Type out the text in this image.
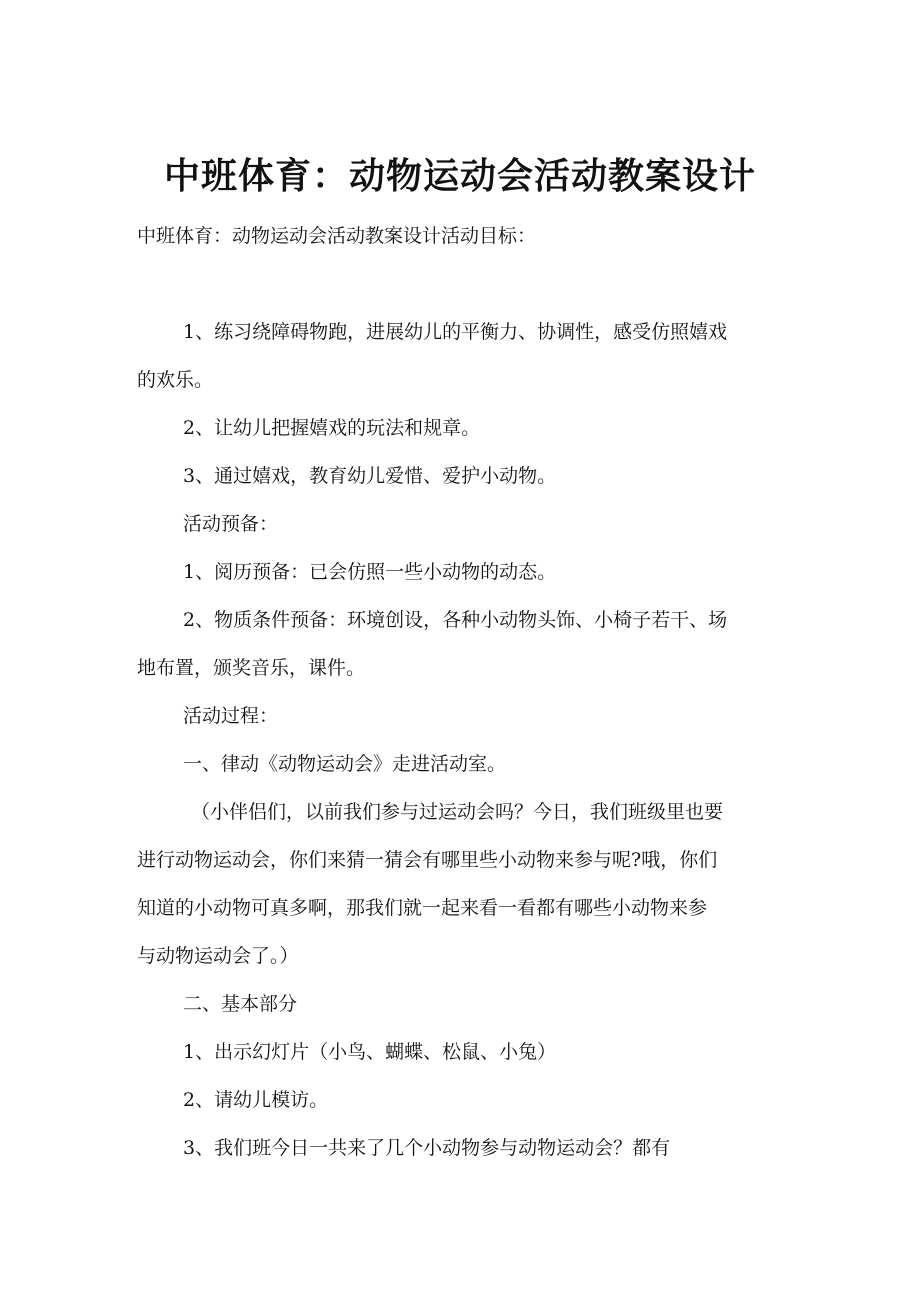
中班体育：动物运动会活动教案设计

中班体育：动物运动会活动教案设计活动目标：

1、练习绕障碍物跑，进展幼儿的平衡力、协调性，感受仿照嬉戏

的欢乐。

2、让幼儿把握嬉戏的玩法和规章。

3、通过嬉戏，教育幼儿爱惜、爱护小动物。

活动预备：

1、阅历预备：已会仿照一些小动物的动态。

2、物质条件预备：环境创设，各种小动物头饰、小椅子若干、场

地布置，颁奖音乐，课件。

活动过程：

一、律动《动物运动会》走进活动室。

（小伴侣们，以前我们参与过运动会吗？今日，我们班级里也要

进行动物运动会，你们来猜一猜会有哪里些小动物来参与呢?哦，你们

知道的小动物可真多啊，那我们就一起来看一看都有哪些小动物来参

与动物运动会了。）

二、基本部分

1、出示幻灯片（小鸟、蝴蝶、松鼠、小兔）

2、请幼儿模访。

3、我们班今日一共来了几个小动物参与动物运动会？都有
